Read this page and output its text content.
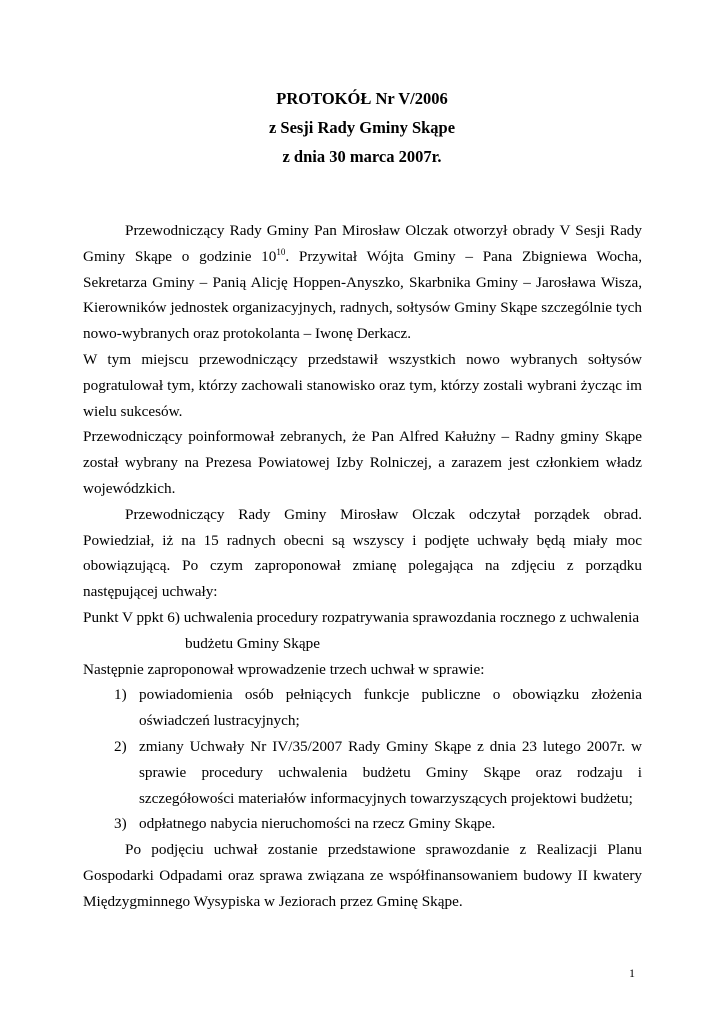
PROTOKÓŁ Nr V/2006
z Sesji Rady Gminy Skąpe
z dnia 30 marca 2007r.

Przewodniczący Rady Gminy Pan Mirosław Olczak otworzył obrady V Sesji Rady Gminy Skąpe o godzinie $10^{10}$. Przywitał Wójta Gminy – Pana Zbigniewa Wocha, Sekretarza Gminy – Panią Alicję Hoppen-Anyszko, Skarbnika Gminy – Jarosława Wisza, Kierowników jednostek organizacyjnych, radnych, sołtysów Gminy Skąpe szczególnie tych nowo-wybranych oraz protokolanta – Iwonę Derkacz.

W tym miejscu przewodniczący przedstawił wszystkich nowo wybranych sołtysów pogratulował tym, którzy zachowali stanowisko oraz tym, którzy zostali wybrani życząc im wielu sukcesów.

Przewodniczący poinformował zebranych, że Pan Alfred Kałużny – Radny gminy Skąpe został wybrany na Prezesa Powiatowej Izby Rolniczej, a zarazem jest członkiem władz wojewódzkich.

Przewodniczący Rady Gminy Mirosław Olczak odczytał porządek obrad. Powiedział, iż na 15 radnych obecni są wszyscy i podjęte uchwały będą miały moc obowiązującą. Po czym zaproponował zmianę polegająca na zdjęciu z porządku następującej uchwały:

Punkt V ppkt 6) uchwalenia procedury rozpatrywania sprawozdania rocznego z uchwalenia budżetu Gminy Skąpe

Następnie zaproponował wprowadzenie trzech uchwał w sprawie:

1) powiadomienia osób pełniących funkcje publiczne o obowiązku złożenia oświadczeń lustracyjnych;
2) zmiany Uchwały Nr IV/35/2007 Rady Gminy Skąpe z dnia 23 lutego 2007r. w sprawie procedury uchwalenia budżetu Gminy Skąpe oraz rodzaju i szczegółowości materiałów informacyjnych towarzyszących projektowi budżetu;
3) odpłatnego nabycia nieruchomości na rzecz Gminy Skąpe.

Po podjęciu uchwał zostanie przedstawione sprawozdanie z Realizacji Planu Gospodarki Odpadami oraz sprawa związana ze współfinansowaniem budowy II kwatery Międzygminnego Wysypiska w Jeziorach przez Gminę Skąpe.

1
